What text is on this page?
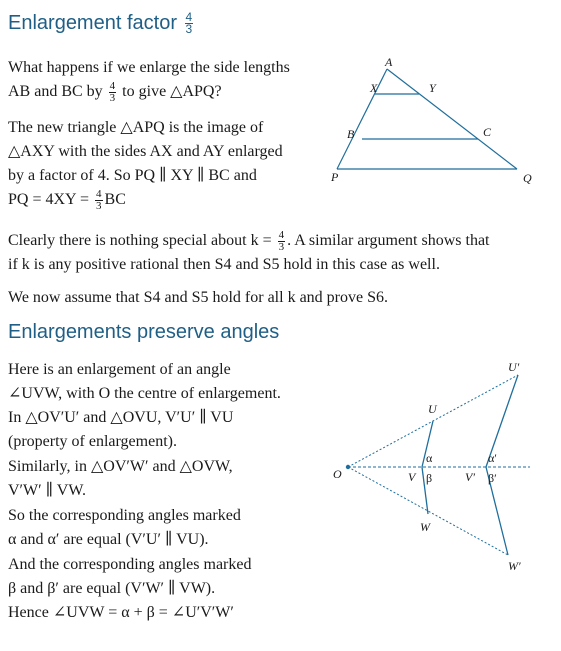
Enlargement factor $\frac{4}{3}$
What happens if we enlarge the side lengths
AB and BC by $\frac{4}{3}$ to give △APQ?
The new triangle △APQ is the image of
△AXY with the sides AX and AY enlarged
by a factor of 4. So PQ ∥ XY ∥ BC and
PQ = $4XY = \frac{4}{3}$ BC
A
X	Y
B	C
P	Q
Clearly there is nothing special about $k = \frac{4}{3}$ . A similar argument shows that
if k is any positive rational then S4 and S5 hold in this case as well.
We now assume that S4 and S5 hold for all k and prove S6.
Enlargements preserve angles
Here is an enlargement of an angle
∠UVW, with O the centre of enlargement.
In △OV′U′ and △OVU, V′U′ ∥ VU
(property of enlargement).
Similarly, in △OV′W′ and △OVW,
V′W′ ∥ VW.
So the corresponding angles marked
α and α′ are equal (V′U′ ∥ VU).
And the corresponding angles marked
β and β′ are equal (V′W′ ∥ VW).
Hence ∠UVW = α + β = ∠U′V′W′
O
U
V
W
U′
V′
W′
α
β
α′
β′
